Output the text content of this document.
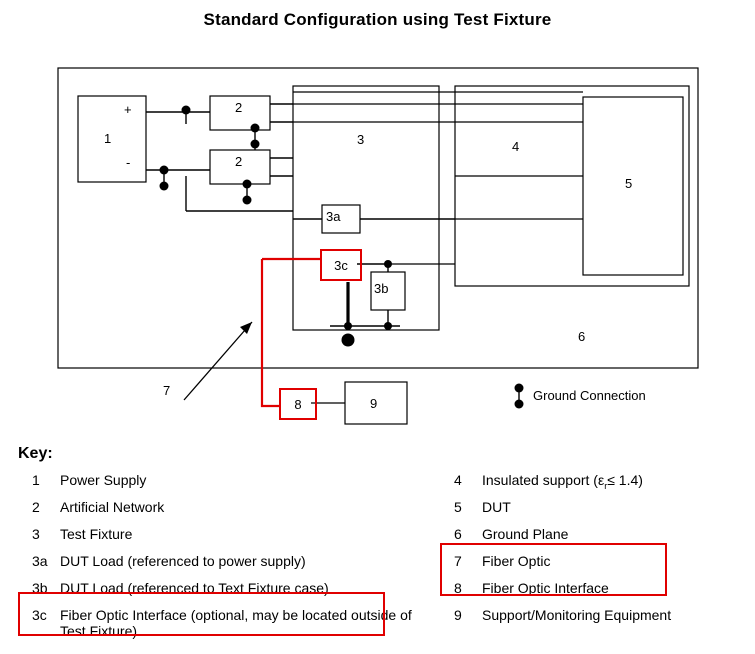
Standard Configuration using Test Fixture
3c
8
1
+
-
2
2
3
3a
3b
4
5
6
7
9
Ground Connection
Key:
1	Power Supply
2	Artificial Network
3	Test Fixture
3a DUT Load (referenced to power supply)
3b DUT Load (referenced to Text Fixture case)
3c Fiber Optic Interface (optional, may be located outside of Test Fixture)
4	Insulated support $(\varepsilon_r\le 1.4)$
5	DUT
6	Ground Plane
7	Fiber Optic
8	Fiber Optic Interface
9	Support/Monitoring Equipment
